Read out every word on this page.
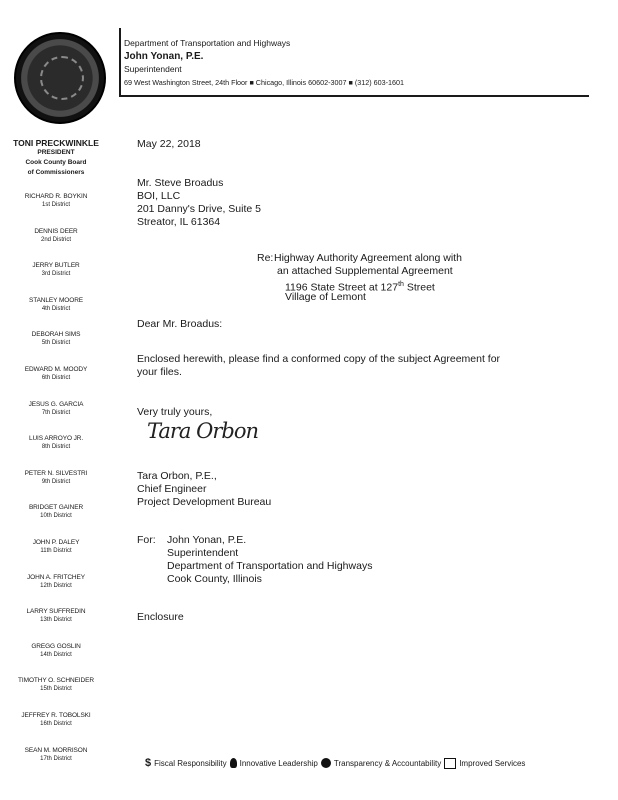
Department of Transportation and Highways
John Yonan, P.E.
Superintendent
69 West Washington Street, 24th Floor ■ Chicago, Illinois 60602-3007 ■ (312) 603-1601
TONI PRECKWINKLE
PRESIDENT
Cook County Board
of Commissioners
RICHARD R. BOYKIN
1st District
DENNIS DEER
2nd District
JERRY BUTLER
3rd District
STANLEY MOORE
4th District
DEBORAH SIMS
5th District
EDWARD M. MOODY
6th District
JESUS G. GARCIA
7th District
LUIS ARROYO JR.
8th District
PETER N. SILVESTRI
9th District
BRIDGET GAINER
10th District
JOHN P. DALEY
11th District
JOHN A. FRITCHEY
12th District
LARRY SUFFREDIN
13th District
GREGG GOSLIN
14th District
TIMOTHY O. SCHNEIDER
15th District
JEFFREY R. TOBOLSKI
16th District
SEAN M. MORRISON
17th District
May 22, 2018
Mr. Steve Broadus
BOI, LLC
201 Danny's Drive, Suite 5
Streator, IL 61364
Re: Highway Authority Agreement along with
an attached Supplemental Agreement
1196 State Street at 127th Street
Village of Lemont
Dear Mr. Broadus:
Enclosed herewith, please find a conformed copy of the subject Agreement for
your files.
Very truly yours,
Tara Orbon
Tara Orbon, P.E.,
Chief Engineer
Project Development Bureau
For: John Yonan, P.E.
Superintendent
Department of Transportation and Highways
Cook County, Illinois
Enclosure
$ Fiscal Responsibility Innovative Leadership Transparency & Accountability Improved Services
